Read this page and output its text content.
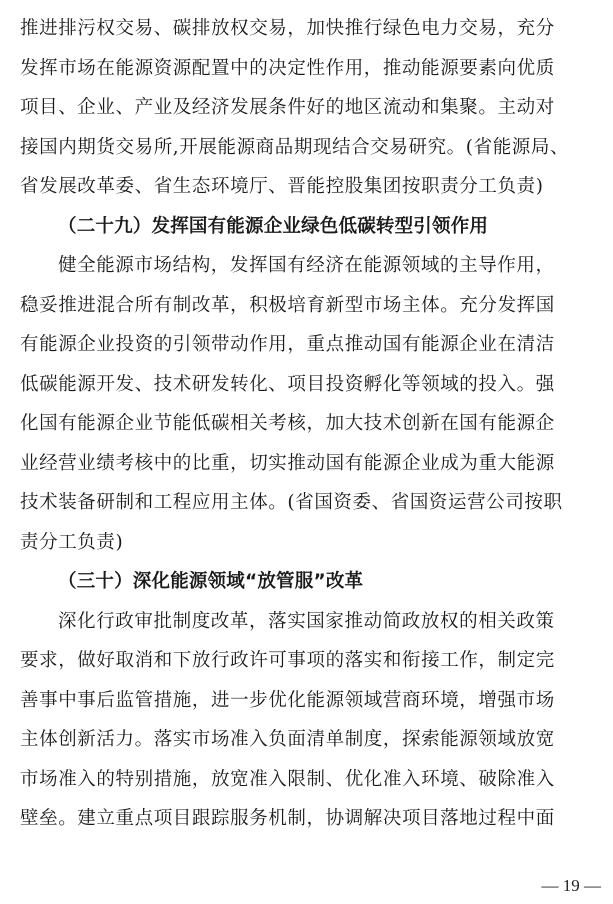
推进排污权交易、碳排放权交易，加快推行绿色电力交易，充分
发挥市场在能源资源配置中的决定性作用，推动能源要素向优质
项目、企业、产业及经济发展条件好的地区流动和集聚。主动对
接国内期货交易所,开展能源商品期现结合交易研究。(省能源局、
省发展改革委、省生态环境厅、晋能控股集团按职责分工负责)
（二十九）发挥国有能源企业绿色低碳转型引领作用
健全能源市场结构，发挥国有经济在能源领域的主导作用，
稳妥推进混合所有制改革，积极培育新型市场主体。充分发挥国
有能源企业投资的引领带动作用，重点推动国有能源企业在清洁
低碳能源开发、技术研发转化、项目投资孵化等领域的投入。强
化国有能源企业节能低碳相关考核，加大技术创新在国有能源企
业经营业绩考核中的比重，切实推动国有能源企业成为重大能源
技术装备研制和工程应用主体。(省国资委、省国资运营公司按职
责分工负责)
（三十）深化能源领域“放管服”改革
深化行政审批制度改革，落实国家推动简政放权的相关政策
要求，做好取消和下放行政许可事项的落实和衔接工作，制定完
善事中事后监管措施，进一步优化能源领域营商环境，增强市场
主体创新活力。落实市场准入负面清单制度，探索能源领域放宽
市场准入的特别措施，放宽准入限制、优化准入环境、破除准入
壁垒。建立重点项目跟踪服务机制，协调解决项目落地过程中面
— 19 —
